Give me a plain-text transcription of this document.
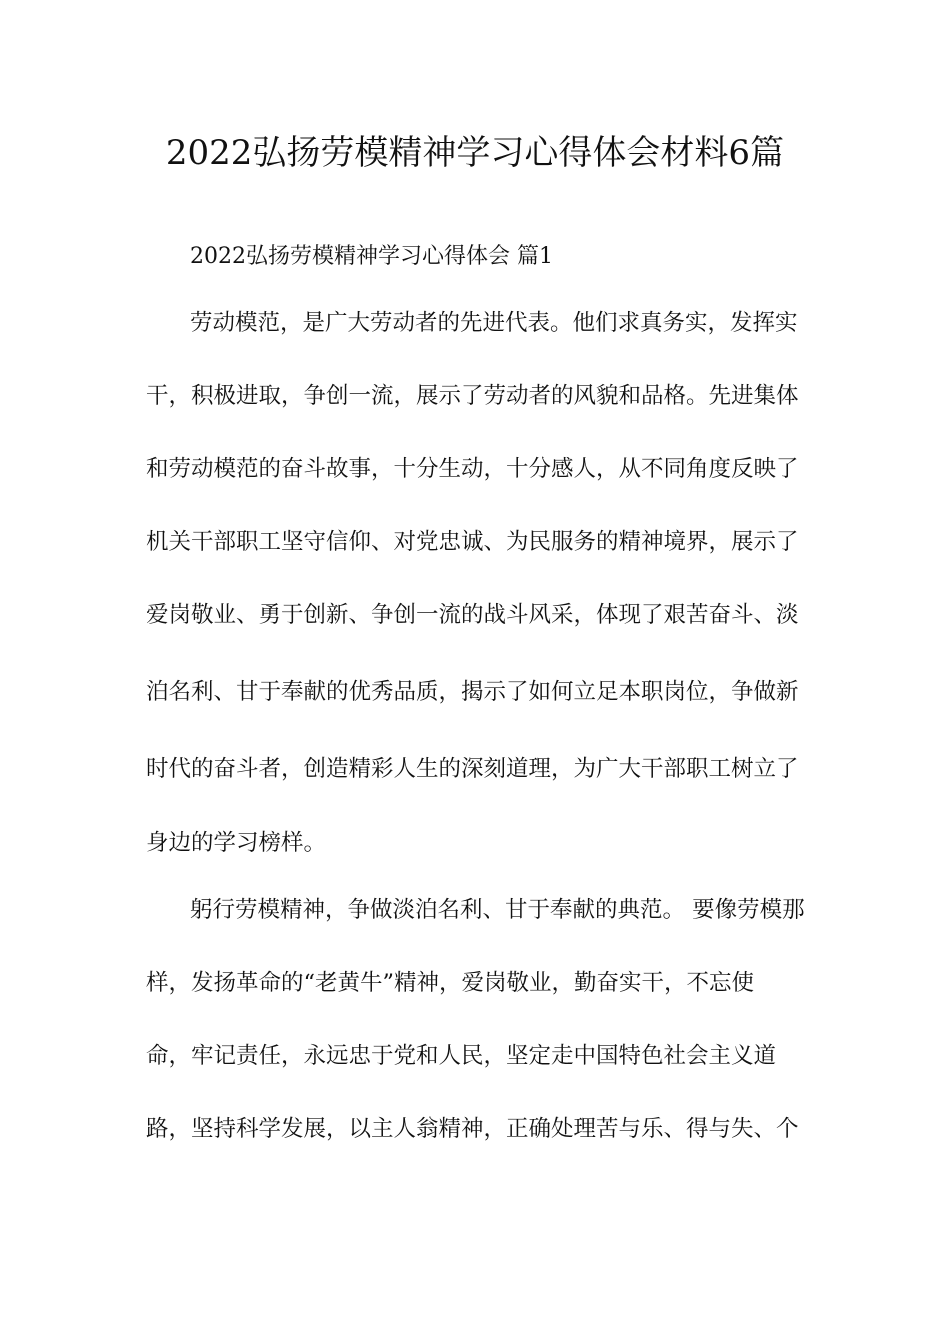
2022弘扬劳模精神学习心得体会材料6篇
2022弘扬劳模精神学习心得体会 篇1

劳动模范，是广大劳动者的先进代表。他们求真务实，发挥实

干，积极进取，争创一流，展示了劳动者的风貌和品格。先进集体

和劳动模范的奋斗故事，十分生动，十分感人，从不同角度反映了

机关干部职工坚守信仰、对党忠诚、为民服务的精神境界，展示了

爱岗敬业、勇于创新、争创一流的战斗风采，体现了艰苦奋斗、淡

泊名利、甘于奉献的优秀品质，揭示了如何立足本职岗位，争做新

时代的奋斗者，创造精彩人生的深刻道理，为广大干部职工树立了

身边的学习榜样。

躬行劳模精神，争做淡泊名利、甘于奉献的典范。 要像劳模那

样，发扬革命的“老黄牛”精神，爱岗敬业，勤奋实干，不忘使

命，牢记责任，永远忠于党和人民，坚定走中国特色社会主义道

路，坚持科学发展，以主人翁精神，正确处理苦与乐、得与失、个
